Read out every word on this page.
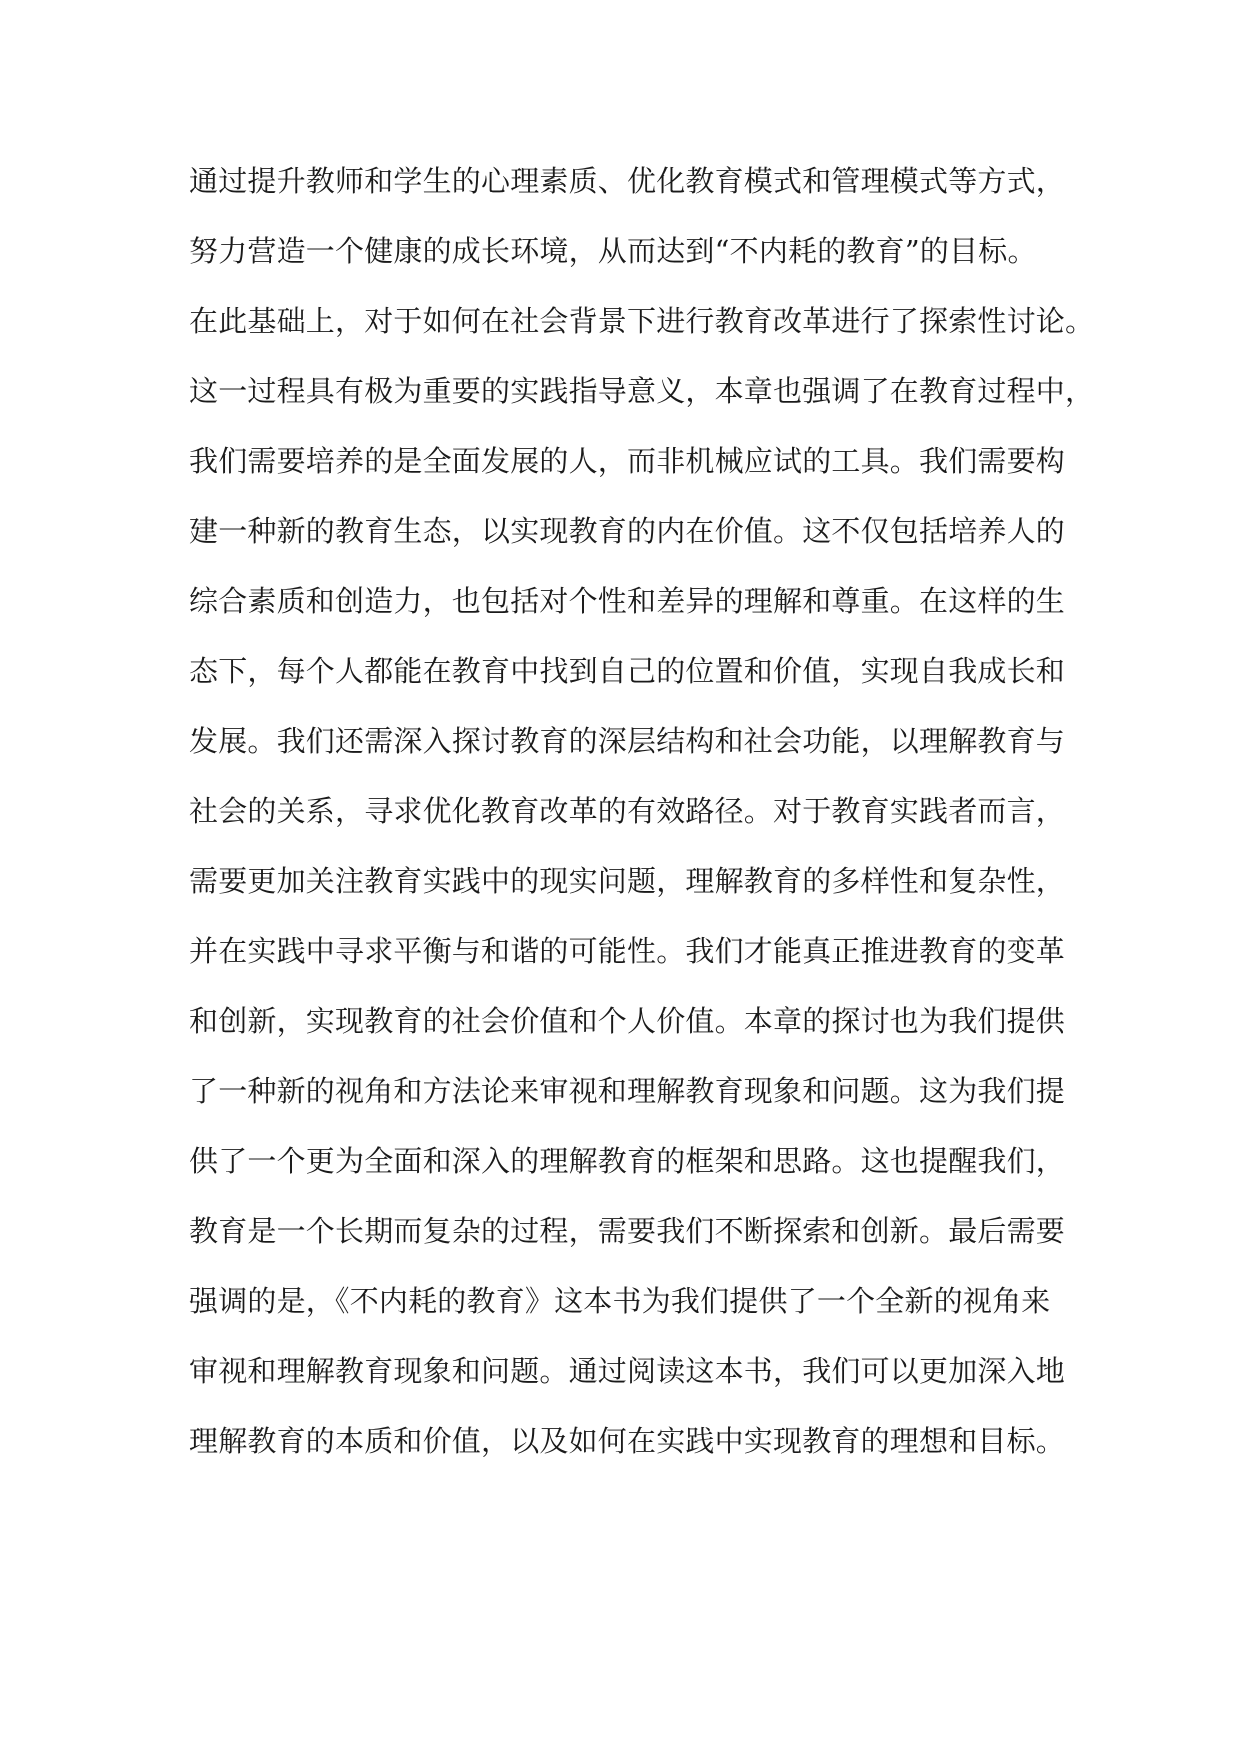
通过提升教师和学生的心理素质、优化教育模式和管理模式等方式，
努力营造一个健康的成长环境，从而达到“不内耗的教育”的目标。
在此基础上，对于如何在社会背景下进行教育改革进行了探索性讨论。
这一过程具有极为重要的实践指导意义，本章也强调了在教育过程中，
我们需要培养的是全面发展的人，而非机械应试的工具。我们需要构
建一种新的教育生态，以实现教育的内在价值。这不仅包括培养人的
综合素质和创造力，也包括对个性和差异的理解和尊重。在这样的生
态下，每个人都能在教育中找到自己的位置和价值，实现自我成长和
发展。我们还需深入探讨教育的深层结构和社会功能，以理解教育与
社会的关系，寻求优化教育改革的有效路径。对于教育实践者而言，
需要更加关注教育实践中的现实问题，理解教育的多样性和复杂性，
并在实践中寻求平衡与和谐的可能性。我们才能真正推进教育的变革
和创新，实现教育的社会价值和个人价值。本章的探讨也为我们提供
了一种新的视角和方法论来审视和理解教育现象和问题。这为我们提
供了一个更为全面和深入的理解教育的框架和思路。这也提醒我们，
教育是一个长期而复杂的过程，需要我们不断探索和创新。最后需要
强调的是，《不内耗的教育》这本书为我们提供了一个全新的视角来
审视和理解教育现象和问题。通过阅读这本书，我们可以更加深入地
理解教育的本质和价值，以及如何在实践中实现教育的理想和目标。
